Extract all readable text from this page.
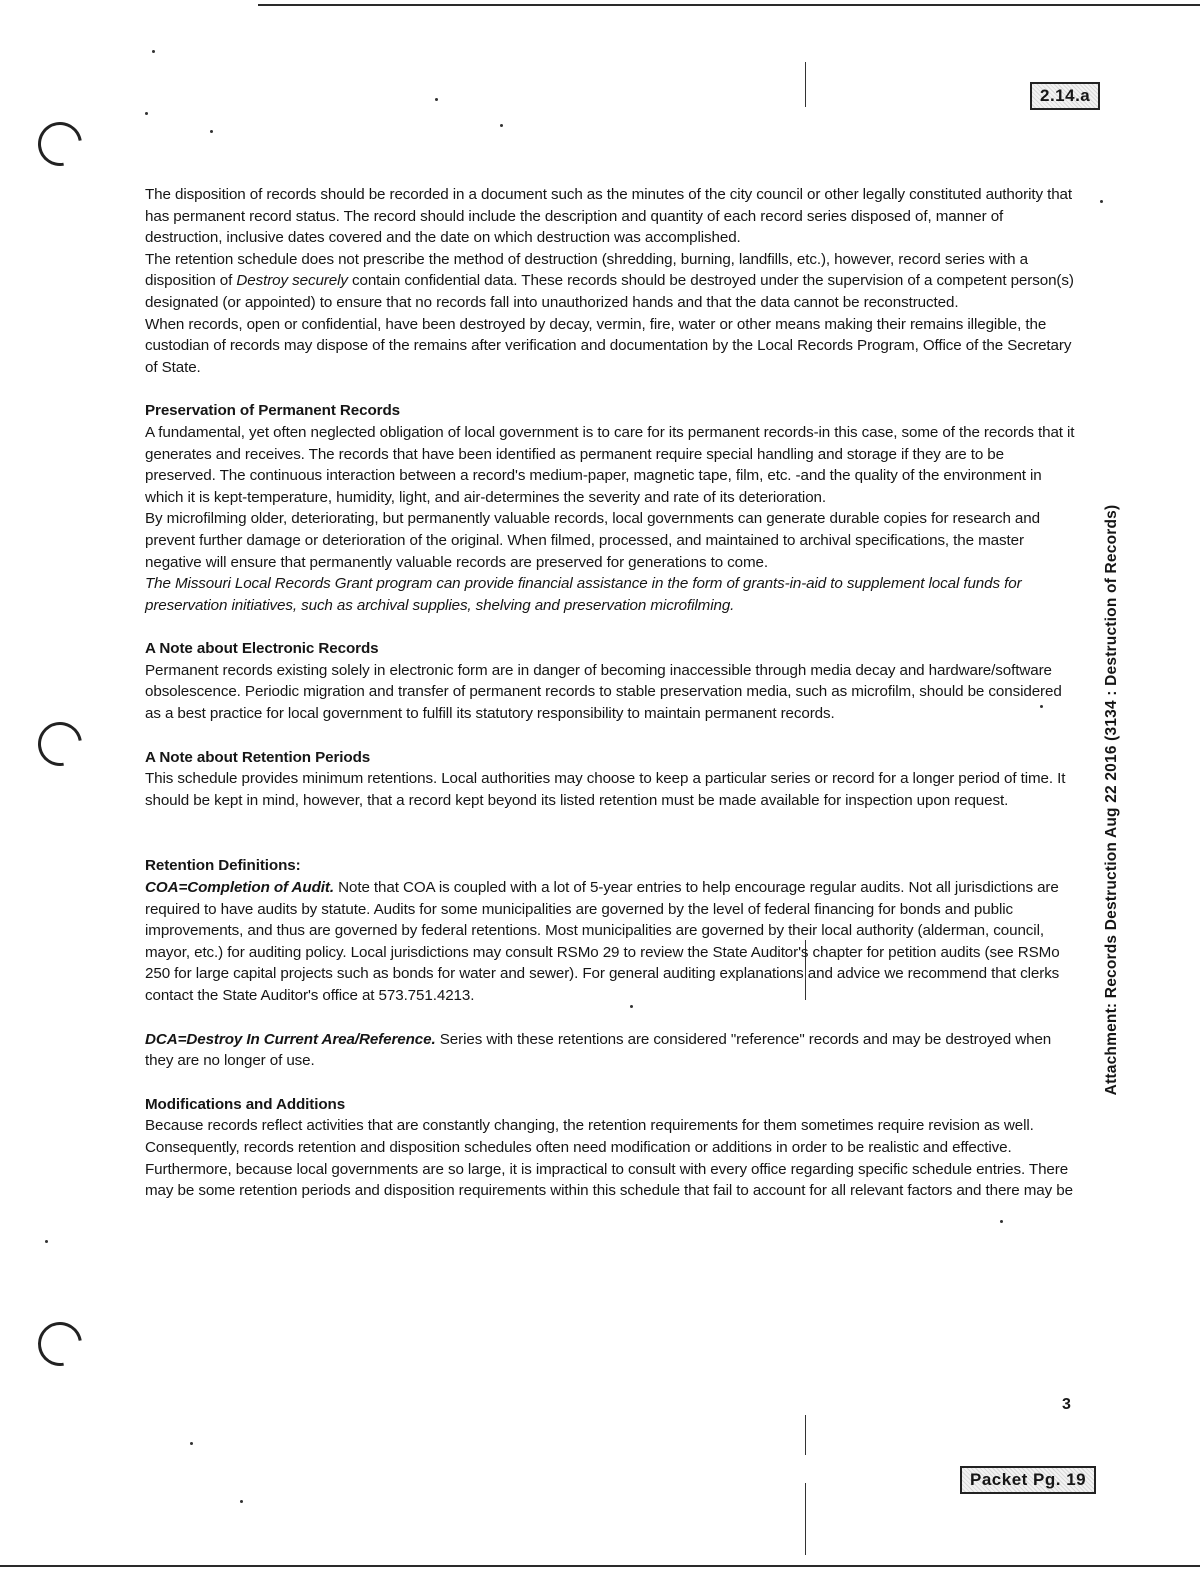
2.14.a
Packet Pg. 19
Attachment: Records Destruction Aug 22 2016 (3134 : Destruction of Records)
3

The disposition of records should be recorded in a document such as the minutes of the city council or other legally constituted authority that has permanent record status. The record should include the description and quantity of each record series disposed of, manner of destruction, inclusive dates covered and the date on which destruction was accomplished.

The retention schedule does not prescribe the method of destruction (shredding, burning, landfills, etc.), however, record series with a disposition of Destroy securely contain confidential data. These records should be destroyed under the supervision of a competent person(s) designated (or appointed) to ensure that no records fall into unauthorized hands and that the data cannot be reconstructed.

When records, open or confidential, have been destroyed by decay, vermin, fire, water or other means making their remains illegible, the custodian of records may dispose of the remains after verification and documentation by the Local Records Program, Office of the Secretary of State.

Preservation of Permanent Records

A fundamental, yet often neglected obligation of local government is to care for its permanent records-in this case, some of the records that it generates and receives. The records that have been identified as permanent require special handling and storage if they are to be preserved. The continuous interaction between a record's medium-paper, magnetic tape, film, etc. -and the quality of the environment in which it is kept-temperature, humidity, light, and air-determines the severity and rate of its deterioration.

By microfilming older, deteriorating, but permanently valuable records, local governments can generate durable copies for research and prevent further damage or deterioration of the original. When filmed, processed, and maintained to archival specifications, the master negative will ensure that permanently valuable records are preserved for generations to come.

The Missouri Local Records Grant program can provide financial assistance in the form of grants-in-aid to supplement local funds for preservation initiatives, such as archival supplies, shelving and preservation microfilming.

A Note about Electronic Records

Permanent records existing solely in electronic form are in danger of becoming inaccessible through media decay and hardware/software obsolescence. Periodic migration and transfer of permanent records to stable preservation media, such as microfilm, should be considered as a best practice for local government to fulfill its statutory responsibility to maintain permanent records.

A Note about Retention Periods

This schedule provides minimum retentions. Local authorities may choose to keep a particular series or record for a longer period of time. It should be kept in mind, however, that a record kept beyond its listed retention must be made available for inspection upon request.

Retention Definitions:

COA=Completion of Audit. Note that COA is coupled with a lot of 5-year entries to help encourage regular audits. Not all jurisdictions are required to have audits by statute. Audits for some municipalities are governed by the level of federal financing for bonds and public improvements, and thus are governed by federal retentions. Most municipalities are governed by their local authority (alderman, council, mayor, etc.) for auditing policy. Local jurisdictions may consult RSMo 29 to review the State Auditor's chapter for petition audits (see RSMo 250 for large capital projects such as bonds for water and sewer). For general auditing explanations and advice we recommend that clerks contact the State Auditor's office at 573.751.4213.

DCA=Destroy In Current Area/Reference. Series with these retentions are considered "reference" records and may be destroyed when they are no longer of use.

Modifications and Additions

Because records reflect activities that are constantly changing, the retention requirements for them sometimes require revision as well. Consequently, records retention and disposition schedules often need modification or additions in order to be realistic and effective. Furthermore, because local governments are so large, it is impractical to consult with every office regarding specific schedule entries. There may be some retention periods and disposition requirements within this schedule that fail to account for all relevant factors and there may be
